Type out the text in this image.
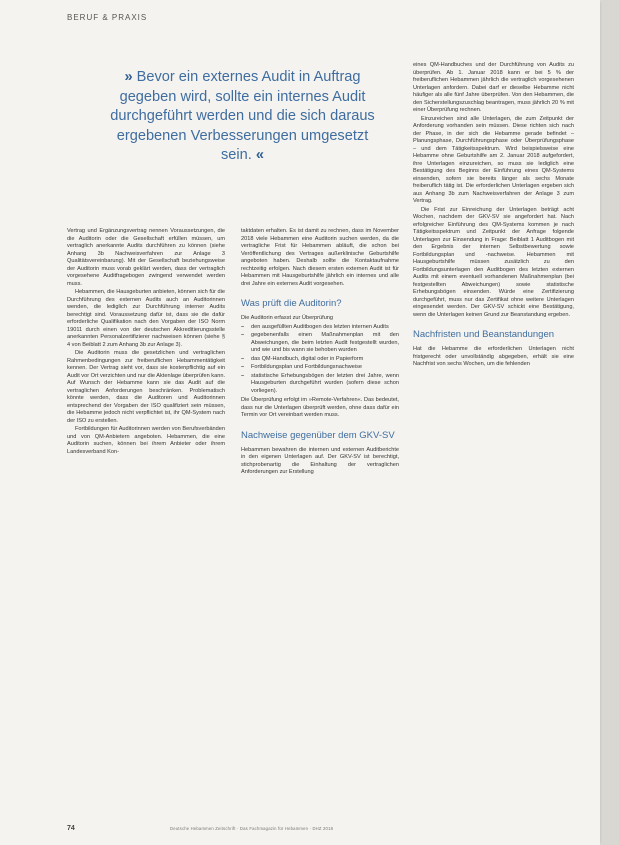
BERUF & PRAXIS
» Bevor ein externes Audit in Auftrag gegeben wird, sollte ein internes Audit durchgeführt werden und die sich daraus ergebenen Verbesserungen umgesetzt sein. «

Vertrag und Ergänzungsvertrag nennen Voraussetzungen, die die Auditorin oder die Gesellschaft erfüllen müssen, um vertraglich anerkannte Audits durchführen zu können (siehe Anhang 3b Nachweisverfahren zur Anlage 3 Qualitätsvereinbarung). Mit der Gesellschaft beziehungsweise der Auditorin muss vorab geklärt werden, dass der vertraglich vorgesehene Auditfragebogen zwingend verwendet werden muss.

Hebammen, die Hausgeburten anbieten, können sich für die Durchführung des externen Audits auch an Auditorinnen wenden, die lediglich zur Durchführung interner Audits berechtigt sind. Voraussetzung dafür ist, dass sie die dafür erforderliche Qualifikation nach den Vorgaben der ISO Norm 19011 durch einen von der deutschen Akkreditierungsstelle anerkannten Personalzertifizierer nachweisen können (siehe § 4 von Beiblatt 2 zum Anhang 3b zur Anlage 3).

Die Auditorin muss die gesetzlichen und vertraglichen Rahmenbedingungen zur freiberuflichen Hebammentätigkeit kennen. Der Vertrag sieht vor, dass sie kostenpflichtig auf ein Audit vor Ort verzichten und nur die Aktenlage überprüfen kann. Auf Wunsch der Hebamme kann sie das Audit auf die vertraglichen Anforderungen beschränken. Problematisch könnte werden, dass die Auditoren und Auditorinnen entsprechend der Vorgaben der ISO qualifiziert sein müssen, die Hebamme jedoch nicht verpflichtet ist, ihr QM-System nach der ISO zu erstellen.

Fortbildungen für Auditorinnen werden von Berufsverbänden und von QM-Anbietern angeboten. Hebammen, die eine Auditorin suchen, können bei ihrem Anbieter oder ihrem Landesverband Kon-

taktdaten erhalten. Es ist damit zu rechnen, dass im November 2018 viele Hebammen eine Auditorin suchen werden, da die vertragliche Frist für Hebammen abläuft, die schon bei Veröffentlichung des Vertrages außerklinische Geburtshilfe angeboten haben. Deshalb sollte die Kontaktaufnahme rechtzeitig erfolgen. Nach diesem ersten externen Audit ist für Hebammen mit Hausgeburtshilfe jährlich ein internes und alle drei Jahre ein externes Audit vorgesehen.

Was prüft die Auditorin?

Die Auditorin erfasst zur Überprüfung

– den ausgefüllten Auditbogen des letzten internen Audits
– gegebenenfalls einen Maßnahmenplan mit den Abweichungen, die beim letzten Audit festgestellt wurden, und wie und bis wann sie behoben wurden
– das QM-Handbuch, digital oder in Papierform
– Fortbildungsplan und Fortbildungsnachweise
– statistische Erhebungsbögen der letzten drei Jahre, wenn Hausgeburten durchgeführt wurden (sofern diese schon vorliegen).

Die Überprüfung erfolgt im »Remote-Verfahren«. Das bedeutet, dass nur die Unterlagen überprüft werden, ohne dass dafür ein Termin vor Ort vereinbart werden muss.

Nachweise gegenüber dem GKV-SV

Hebammen bewahren die internen und externen Auditberichte in den eigenen Unterlagen auf. Der GKV-SV ist berechtigt, stichprobenartig die Einhaltung der vertraglichen Anforderungen zur Erstellung

eines QM-Handbuches und der Durchführung von Audits zu überprüfen. Ab 1. Januar 2018 kann er bei 5 % der freiberuflichen Hebammen jährlich die vertraglich vorgesehenen Unterlagen anfordern. Dabei darf er dieselbe Hebamme nicht häufiger als alle fünf Jahre überprüfen. Von den Hebammen, die den Sicherstellungszuschlag beantragen, muss jährlich 20 % mit einer Überprüfung rechnen.

Einzureichen sind alle Unterlagen, die zum Zeitpunkt der Anforderung vorhanden sein müssen. Diese richten sich nach der Phase, in der sich die Hebamme gerade befindet – Planungsphase, Durchführungsphase oder Überprüfungsphase – und dem Tätigkeitsspektrum. Wird beispielsweise eine Hebamme ohne Geburtshilfe am 2. Januar 2018 aufgefordert, ihre Unterlagen einzureichen, so muss sie lediglich eine Bestätigung des Beginns der Einführung eines QM-Systems einsenden, sofern sie bereits länger als sechs Monate freiberuflich tätig ist. Die erforderlichen Unterlagen ergeben sich aus Anhang 3b zum Nachweisverfahren der Anlage 3 zum Vertrag.

Die Frist zur Einreichung der Unterlagen beträgt acht Wochen, nachdem der GKV-SV sie angefordert hat. Nach erfolgreicher Einführung des QM-Systems kommen je nach Tätigkeitsspektrum und Zeitpunkt der Anfrage folgende Unterlagen zur Einsendung in Frage: Beiblatt 1 Auditbogen mit den Ergebnis der internen Selbstbewertung sowie Fortbildungsplan und -nachweise. Hebammen mit Hausgeburtshilfe müssen zusätzlich zu den Fortbildungsunterlagen den Auditbogen des letzten externen Audits mit einem eventuell vorhandenen Maßnahmenplan (bei festgestellten Abweichungen) sowie statistische Erhebungsbögen einsenden. Würde eine Zertifizierung durchgeführt, muss nur das Zertifikat ohne weitere Unterlagen eingesendet werden. Der GKV-SV schickt eine Bestätigung, wenn die Unterlagen keinen Grund zur Beanstandung ergeben.

Nachfristen und Beanstandungen

Hat die Hebamme die erforderlichen Unterlagen nicht fristgerecht oder unvollständig abgegeben, erhält sie eine Nachfrist von sechs Wochen, um die fehlenden

74	Deutsche Hebammen Zeitschrift · Das Fachmagazin für Hebammen · DHZ 2018
